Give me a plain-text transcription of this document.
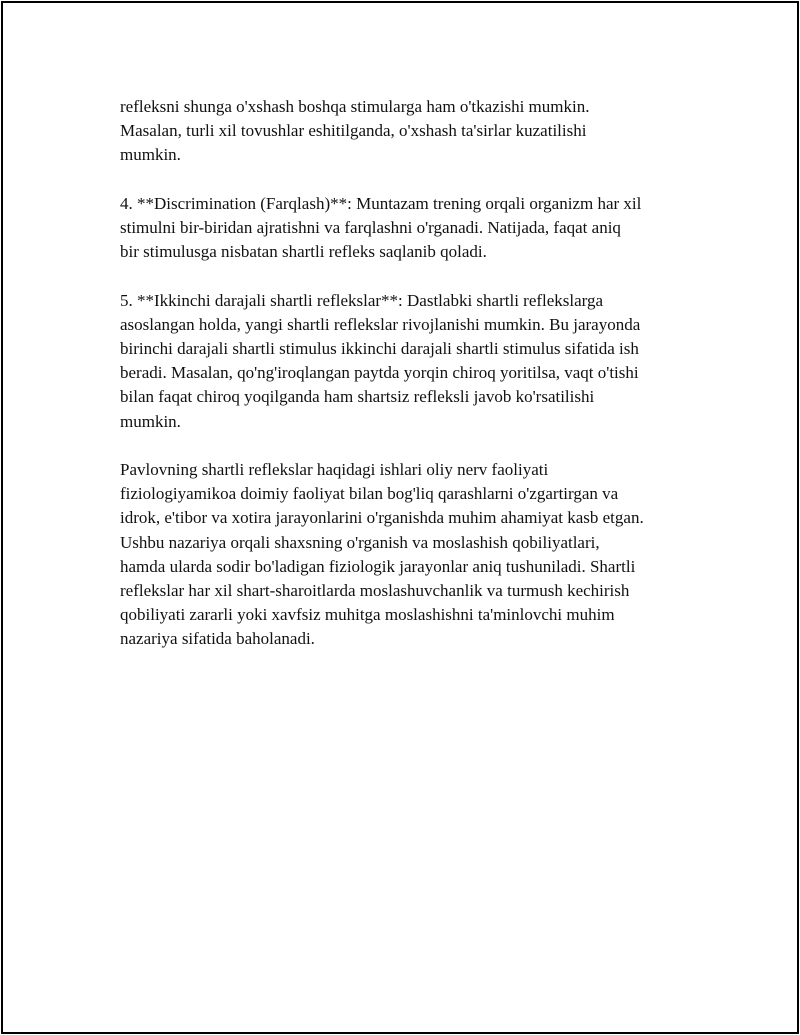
refleksni shunga o'xshash boshqa stimularga ham o'tkazishi mumkin.
Masalan, turli xil tovushlar eshitilganda, o'xshash ta'sirlar kuzatilishi
mumkin.

4. **Discrimination (Farqlash)**: Muntazam trening orqali organizm har xil
stimulni bir-biridan ajratishni va farqlashni o'rganadi. Natijada, faqat aniq
bir stimulusga nisbatan shartli refleks saqlanib qoladi.

5. **Ikkinchi darajali shartli reflekslar**: Dastlabki shartli reflekslarga
asoslangan holda, yangi shartli reflekslar rivojlanishi mumkin. Bu jarayonda
birinchi darajali shartli stimulus ikkinchi darajali shartli stimulus sifatida ish
beradi. Masalan, qo'ng'iroqlangan paytda yorqin chiroq yoritilsa, vaqt o'tishi
bilan faqat chiroq yoqilganda ham shartsiz refleksli javob ko'rsatilishi
mumkin.

Pavlovning shartli reflekslar haqidagi ishlari oliy nerv faoliyati
fiziologiyamikoa doimiy faoliyat bilan bog'liq qarashlarni o'zgartirgan va
idrok, e'tibor va xotira jarayonlarini o'rganishda muhim ahamiyat kasb etgan.
Ushbu nazariya orqali shaxsning o'rganish va moslashish qobiliyatlari,
hamda ularda sodir bo'ladigan fiziologik jarayonlar aniq tushuniladi. Shartli
reflekslar har xil shart-sharoitlarda moslashuvchanlik va turmush kechirish
qobiliyati zararli yoki xavfsiz muhitga moslashishni ta'minlovchi muhim
nazariya sifatida baholanadi.
